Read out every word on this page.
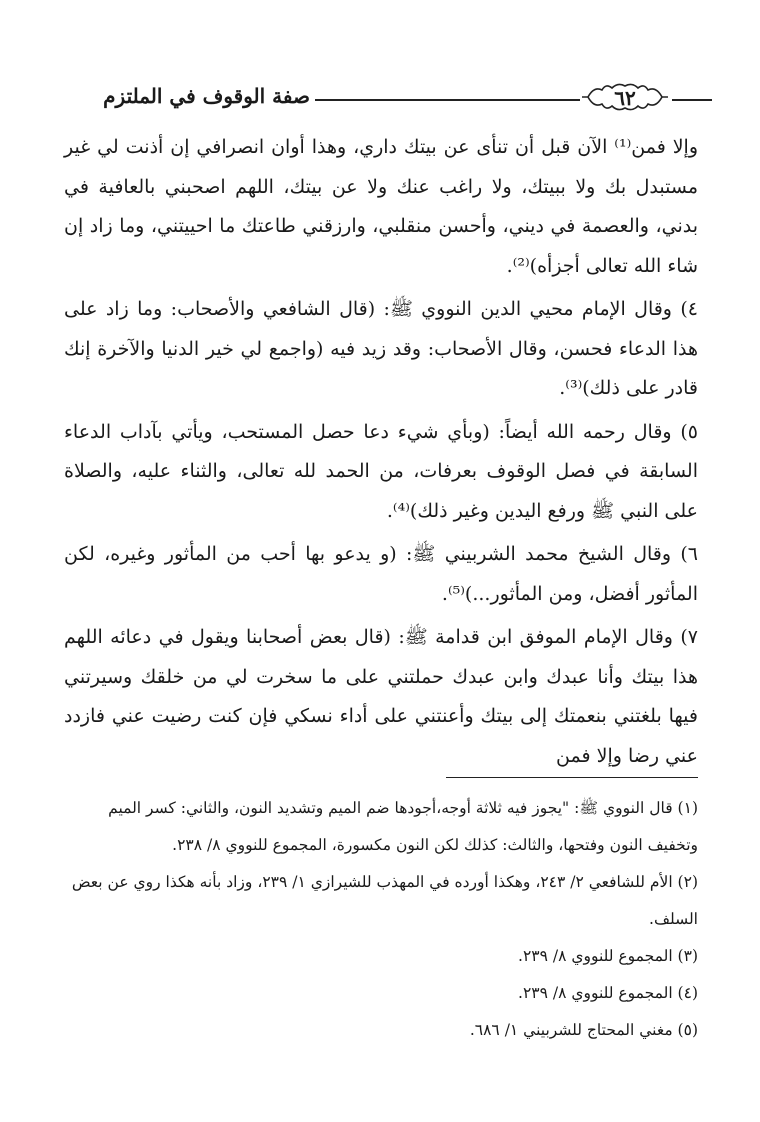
صفة الوقوف في الملتزم	٦٢

وإلا فمن⁽¹⁾ الآن قبل أن تنأى عن بيتك داري، وهذا أوان انصرافي إن أذنت لي غير مستبدل بك ولا ببيتك، ولا راغب عنك ولا عن بيتك، اللهم اصحبني بالعافية في بدني، والعصمة في ديني، وأحسن منقلبي، وارزقني طاعتك ما احييتني، وما زاد إن شاء الله تعالى أجزأه)⁽²⁾.

٤) وقال الإمام محيي الدين النووي ﷺ: (قال الشافعي والأصحاب: وما زاد على هذا الدعاء فحسن، وقال الأصحاب: وقد زيد فيه (واجمع لي خير الدنيا والآخرة إنك قادر على ذلك)⁽³⁾.

٥) وقال رحمه الله أيضاً: (وبأي شيء دعا حصل المستحب، ويأتي بآداب الدعاء السابقة في فصل الوقوف بعرفات، من الحمد لله تعالى، والثناء عليه، والصلاة على النبي ﷺ ورفع اليدين وغير ذلك)⁽⁴⁾.

٦) وقال الشيخ محمد الشربيني ﷺ: (و يدعو بها أحب من المأثور وغيره، لكن المأثور أفضل، ومن المأثور...)⁽⁵⁾.

٧) وقال الإمام الموفق ابن قدامة ﷺ: (قال بعض أصحابنا ويقول في دعائه اللهم هذا بيتك وأنا عبدك وابن عبدك حملتني على ما سخرت لي من خلقك وسيرتني فيها بلغتني بنعمتك إلى بيتك وأعنتني على أداء نسكي فإن كنت رضيت عني فازدد عني رضا وإلا فمن

(١) قال النووي ﷺ: "يجوز فيه ثلاثة أوجه،أجودها ضم الميم وتشديد النون، والثاني: كسر الميم وتخفيف النون وفتحها، والثالث: كذلك لكن النون مكسورة، المجموع للنووي ٨/ ٢٣٨.

(٢) الأم للشافعي ٢/ ٢٤٣، وهكذا أورده في المهذب للشيرازي ١/ ٢٣٩، وزاد بأنه هكذا روي عن بعض السلف.

(٣) المجموع للنووي ٨/ ٢٣٩.

(٤) المجموع للنووي ٨/ ٢٣٩.

(٥) مغني المحتاج للشربيني ١/ ٦٨٦.
